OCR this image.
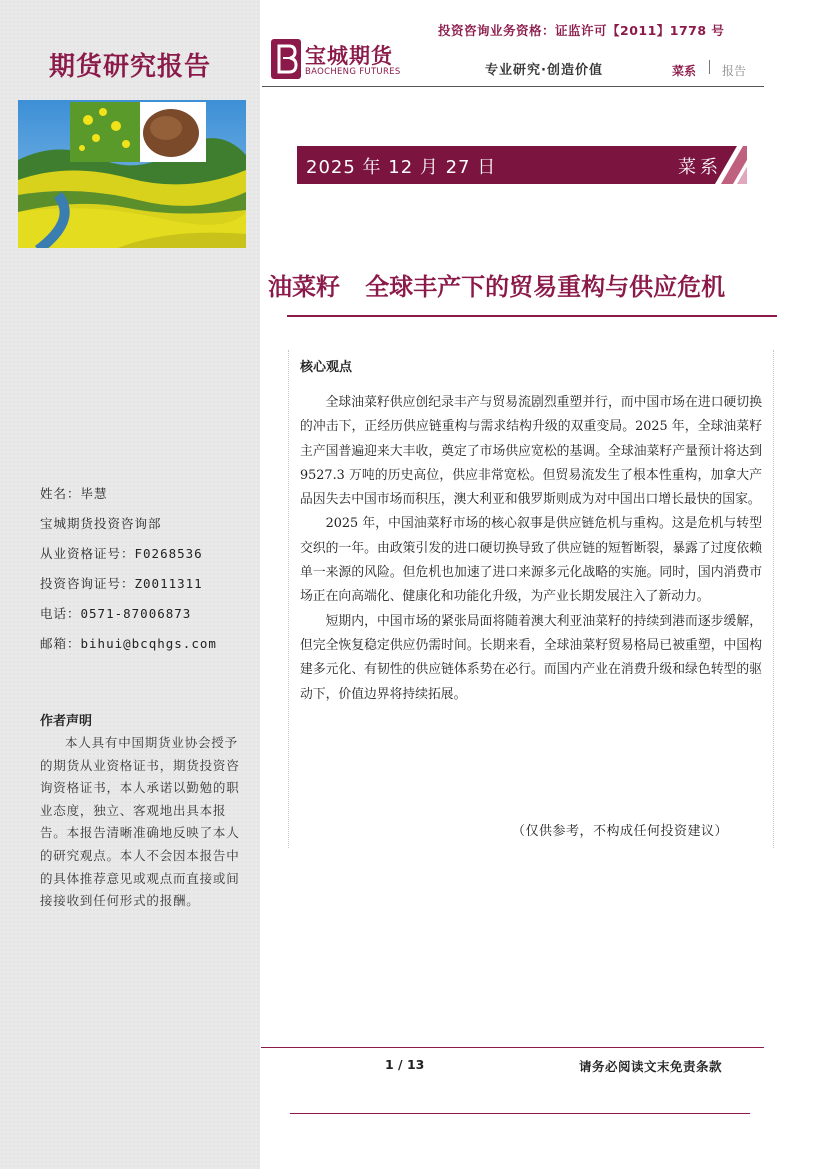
期货研究报告
姓名：毕慧
宝城期货投资咨询部
从业资格证号：F0268536
投资咨询证号：Z0011311
电话：0571-87006873
邮箱：bihui@bcqhgs.com
作者声明
本人具有中国期货业协会授予的期货从业资格证书，期货投资咨询资格证书，本人承诺以勤勉的职业态度，独立、客观地出具本报告。本报告清晰准确地反映了本人的研究观点。本人不会因本报告中的具体推荐意见或观点而直接或间接接收到任何形式的报酬。
投资咨询业务资格：证监许可【2011】1778 号
宝城期货
BAOCHENG FUTURES	专业研究·创造价值	菜系 报告
2025 年 12 月 27 日	菜系
油菜籽   全球丰产下的贸易重构与供应危机
核心观点

全球油菜籽供应创纪录丰产与贸易流剧烈重塑并行，而中国市场在进口硬切换的冲击下，正经历供应链重构与需求结构升级的双重变局。2025 年，全球油菜籽主产国普遍迎来大丰收，奠定了市场供应宽松的基调。全球油菜籽产量预计将达到 9527.3 万吨的历史高位，供应非常宽松。但贸易流发生了根本性重构，加拿大产品因失去中国市场而积压，澳大利亚和俄罗斯则成为对中国出口增长最快的国家。

2025 年，中国油菜籽市场的核心叙事是供应链危机与重构。这是危机与转型交织的一年。由政策引发的进口硬切换导致了供应链的短暂断裂，暴露了过度依赖单一来源的风险。但危机也加速了进口来源多元化战略的实施。同时，国内消费市场正在向高端化、健康化和功能化升级，为产业长期发展注入了新动力。

短期内，中国市场的紧张局面将随着澳大利亚油菜籽的持续到港而逐步缓解，但完全恢复稳定供应仍需时间。长期来看，全球油菜籽贸易格局已被重塑，中国构建多元化、有韧性的供应链体系势在必行。而国内产业在消费升级和绿色转型的驱动下，价值边界将持续拓展。

（仅供参考，不构成任何投资建议）
1 / 13	请务必阅读文末免责条款
